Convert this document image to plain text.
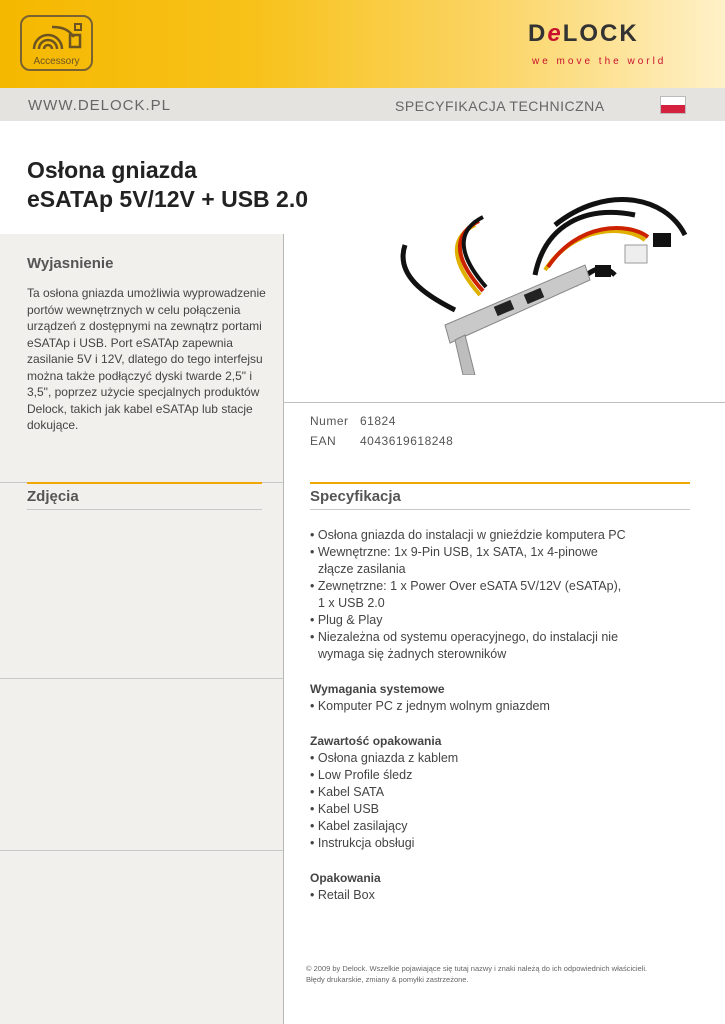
Accessory
DeLOCK
we move the world
WWW.DELOCK.PL	SPECYFIKACJA TECHNICZNA
Osłona gniazda
eSATAp 5V/12V + USB 2.0
Wyjasnienie
Ta osłona gniazda umożliwia wyprowadzenie portów wewnętrznych w celu połączenia urządzeń z dostępnymi na zewnątrz portami eSATAp i USB. Port eSATAp zapewnia zasilanie 5V i 12V, dlatego do tego interfejsu można także podłączyć dyski twarde 2,5" i 3,5", poprzez użycie specjalnych produktów Delock, takich jak kabel eSATAp lub stacje dokujące.
Zdjęcia
Numer 61824
EAN 4043619618248
Specyfikacja
• Osłona gniazda do instalacji w gnieździe komputera PC
• Wewnętrzne: 1x 9-Pin USB, 1x SATA, 1x 4-pinowe
złącze zasilania
• Zewnętrzne: 1 x Power Over eSATA 5V/12V (eSATAp),
1 x USB 2.0
• Plug & Play
• Niezależna od systemu operacyjnego, do instalacji nie
wymaga się żadnych sterowników
Wymagania systemowe
• Komputer PC z jednym wolnym gniazdem
Zawartość opakowania
• Osłona gniazda z kablem
• Low Profile śledz
• Kabel SATA
• Kabel USB
• Kabel zasilający
• Instrukcja obsługi
Opakowania
• Retail Box
© 2009 by Delock. Wszelkie pojawiające się tutaj nazwy i znaki należą do ich odpowiednich właścicieli.
Błędy drukarskie, zmiany & pomyłki zastrzeżone.
